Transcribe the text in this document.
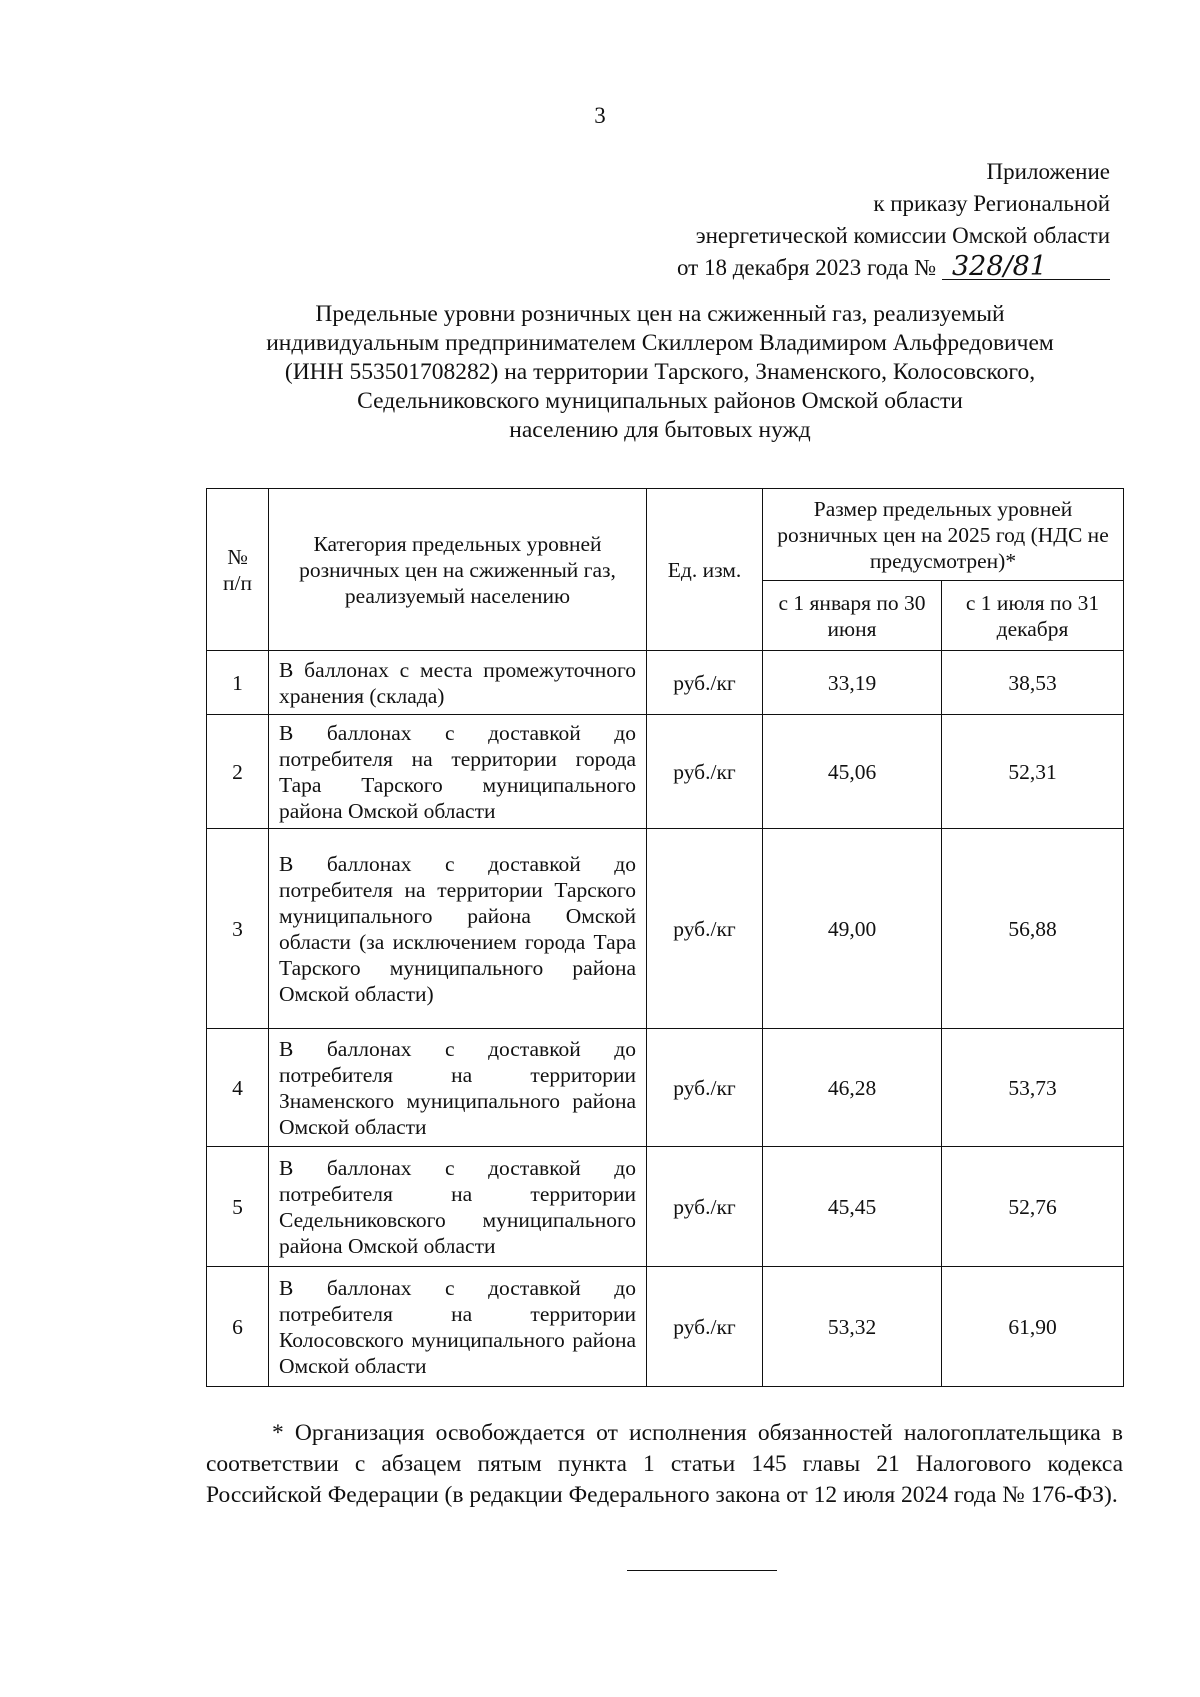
3
Приложение
к приказу Региональной
энергетической комиссии Омской области
от 18 декабря 2023 года № 328/81
Предельные уровни розничных цен на сжиженный газ, реализуемый
индивидуальным предпринимателем Скиллером Владимиром Альфредовичем
(ИНН 553501708282) на территории Тарского, Знаменского, Колосовского,
Седельниковского муниципальных районов Омской области
населению для бытовых нужд
№ п/п	Категория предельных уровней розничных цен на сжиженный газ, реализуемый населению	Ед. изм.	Размер предельных уровней розничных цен на 2025 год (НДС не предусмотрен)*	
			с 1 января по 30 июня	с 1 июля по 31 декабря
1	В баллонах с места промежуточного хранения (склада)	руб./кг	33,19	38,53
2	В баллонах с доставкой до потребителя на территории города Тара Тарского муниципального района Омской области	руб./кг	45,06	52,31
3	В баллонах с доставкой до потребителя на территории Тарского муниципального района Омской области (за исключением города Тара Тарского муниципального района Омской области)	руб./кг	49,00	56,88
4	В баллонах с доставкой до потребителя на территории Знаменского муниципального района Омской области	руб./кг	46,28	53,73
5	В баллонах с доставкой до потребителя на территории Седельниковского муниципального района Омской области	руб./кг	45,45	52,76
6	В баллонах с доставкой до потребителя на территории Колосовского муниципального района Омской области	руб./кг	53,32	61,90

* Организация освобождается от исполнения обязанностей налогоплательщика в соответствии с абзацем пятым пункта 1 статьи 145 главы 21 Налогового кодекса Российской Федерации (в редакции Федерального закона от 12 июля 2024 года № 176-ФЗ).
